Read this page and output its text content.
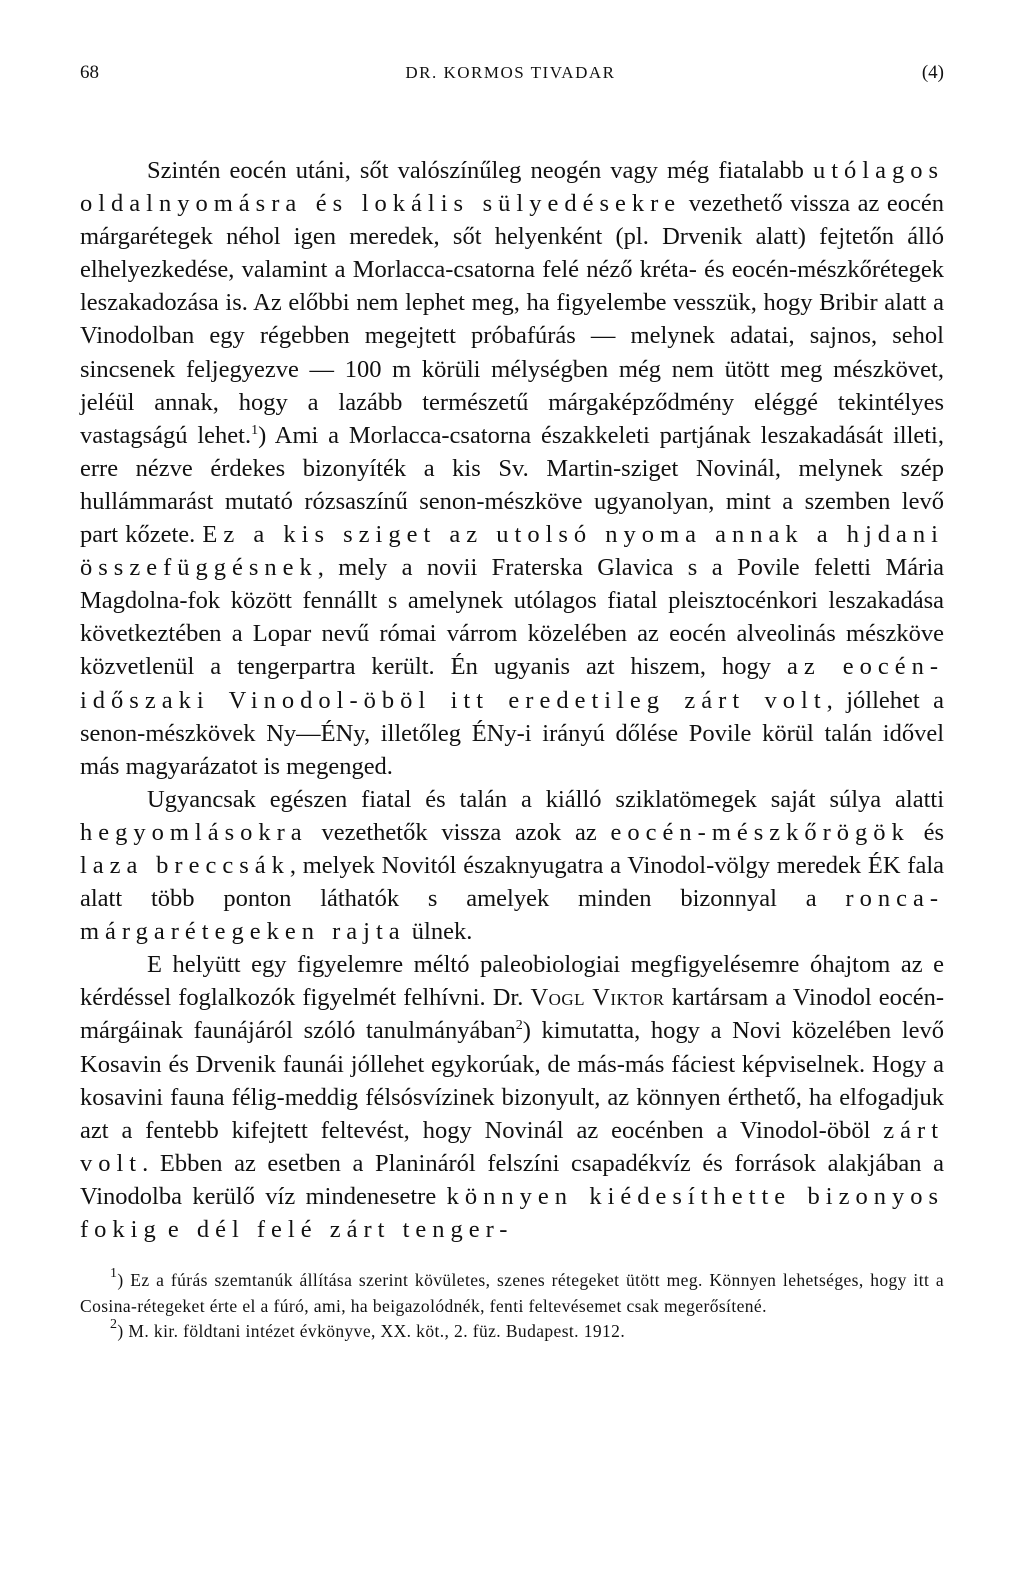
68	DR. KORMOS TIVADAR	(4)

Szintén eocén utáni, sőt valószínűleg neogén vagy még fiatalabb utólagos oldalnyomásra és lokális sülyedésekre vezethető vissza az eocén márgarétegek néhol igen meredek, sőt helyenként (pl. Drvenik alatt) fejtetőn álló elhelyezkedése, valamint a Morlacca-csatorna felé néző kréta- és eocén-mészkőrétegek leszakadozása is. Az előbbi nem lephet meg, ha figyelembe vesszük, hogy Bribir alatt a Vinodolban egy régebben megejtett próbafúrás — melynek adatai, sajnos, sehol sincsenek feljegyezve — 100 m körüli mélységben még nem ütött meg mészkövet, jeléül annak, hogy a lazább természetű márgaképződmény eléggé tekintélyes vastagságú lehet.$^1$) Ami a Morlacca-csatorna északkeleti partjának leszakadását illeti, erre nézve érdekes bizonyíték a kis Sv. Martin-sziget Novinál, melynek szép hullámmarást mutató rózsaszínű senon-mészköve ugyanolyan, mint a szemben levő part kőzete. Ez a kis sziget az utolsó nyoma annak a hjdani összefüggésnek, mely a novii Fraterska Glavica s a Povile feletti Mária Magdolna-fok között fennállt s amelynek utólagos fiatal pleisztocénkori leszakadása következtében a Lopar nevű római várrom közelében az eocén alveolinás mészköve közvetlenül a tengerpartra került. Én ugyanis azt hiszem, hogy az eocén-időszaki Vinodol-öböl itt eredetileg zárt volt, jóllehet a senon-mészkövek Ny—ÉNy, illetőleg ÉNy-i irányú dőlése Povile körül talán idővel más magyarázatot is megenged.

Ugyancsak egészen fiatal és talán a kiálló sziklatömegek saját súlya alatti hegyomlásokra vezethetők vissza azok az eocén-mészkőrögök és laza breccsák, melyek Novitól északnyugatra a Vinodol-völgy meredek ÉK fala alatt több ponton láthatók s amelyek minden bizonnyal a ronca-márgarétegeken rajta ülnek.

E helyütt egy figyelemre méltó paleobiologiai megfigyelésemre óhajtom az e kérdéssel foglalkozók figyelmét felhívni. Dr. Vogl Viktor kartársam a Vinodol eocén-márgáinak faunájáról szóló tanulmányában$^2$) kimutatta, hogy a Novi közelében levő Kosavin és Drvenik faunái jóllehet egykorúak, de más-más fáciest képviselnek. Hogy a kosavini fauna félig-meddig félsósvízinek bizonyult, az könnyen érthető, ha elfogadjuk azt a fentebb kifejtett feltevést, hogy Novinál az eocénben a Vinodol-öböl zárt volt. Ebben az esetben a Planináról felszíni csapadékvíz és források alakjában a Vinodolba kerülő víz mindenesetre könnyen kiédesíthette bizonyos fokig e dél felé zárt tenger-

$^1$) Ez a fúrás szemtanúk állítása szerint kövületes, szenes rétegeket ütött meg. Könnyen lehetséges, hogy itt a Cosina-rétegeket érte el a fúró, ami, ha beigazolódnék, fenti feltevésemet csak megerősítené.

$^2$) M. kir. földtani intézet évkönyve, XX. köt., 2. füz. Budapest. 1912.
